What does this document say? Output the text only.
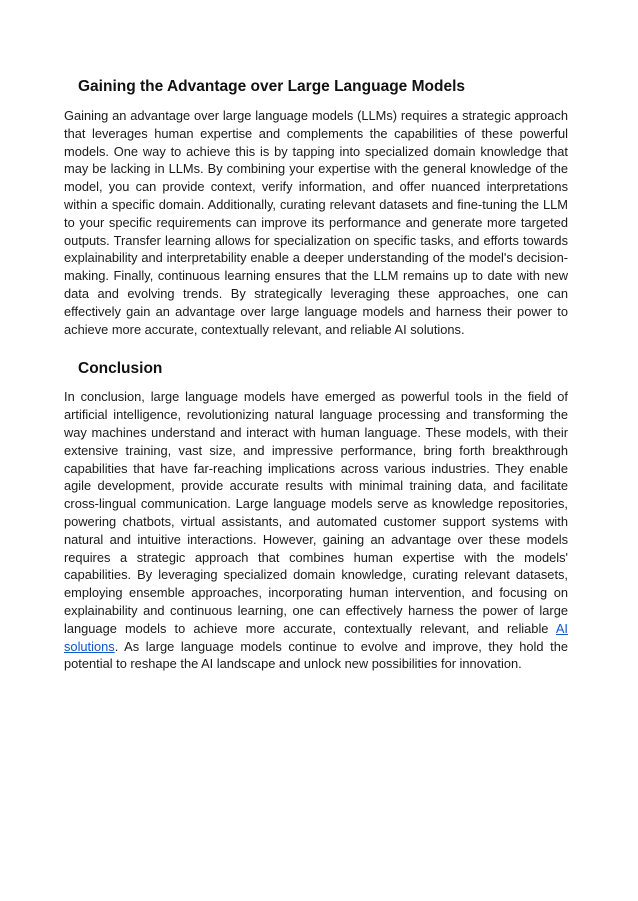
Gaining the Advantage over Large Language Models

Gaining an advantage over large language models (LLMs) requires a strategic approach that leverages human expertise and complements the capabilities of these powerful models. One way to achieve this is by tapping into specialized domain knowledge that may be lacking in LLMs. By combining your expertise with the general knowledge of the model, you can provide context, verify information, and offer nuanced interpretations within a specific domain. Additionally, curating relevant datasets and fine-tuning the LLM to your specific requirements can improve its performance and generate more targeted outputs. Transfer learning allows for specialization on specific tasks, and efforts towards explainability and interpretability enable a deeper understanding of the model's decision-making. Finally, continuous learning ensures that the LLM remains up to date with new data and evolving trends. By strategically leveraging these approaches, one can effectively gain an advantage over large language models and harness their power to achieve more accurate, contextually relevant, and reliable AI solutions.

Conclusion

In conclusion, large language models have emerged as powerful tools in the field of artificial intelligence, revolutionizing natural language processing and transforming the way machines understand and interact with human language. These models, with their extensive training, vast size, and impressive performance, bring forth breakthrough capabilities that have far-reaching implications across various industries. They enable agile development, provide accurate results with minimal training data, and facilitate cross-lingual communication. Large language models serve as knowledge repositories, powering chatbots, virtual assistants, and automated customer support systems with natural and intuitive interactions. However, gaining an advantage over these models requires a strategic approach that combines human expertise with the models' capabilities. By leveraging specialized domain knowledge, curating relevant datasets, employing ensemble approaches, incorporating human intervention, and focusing on explainability and continuous learning, one can effectively harness the power of large language models to achieve more accurate, contextually relevant, and reliable AI solutions. As large language models continue to evolve and improve, they hold the potential to reshape the AI landscape and unlock new possibilities for innovation.
